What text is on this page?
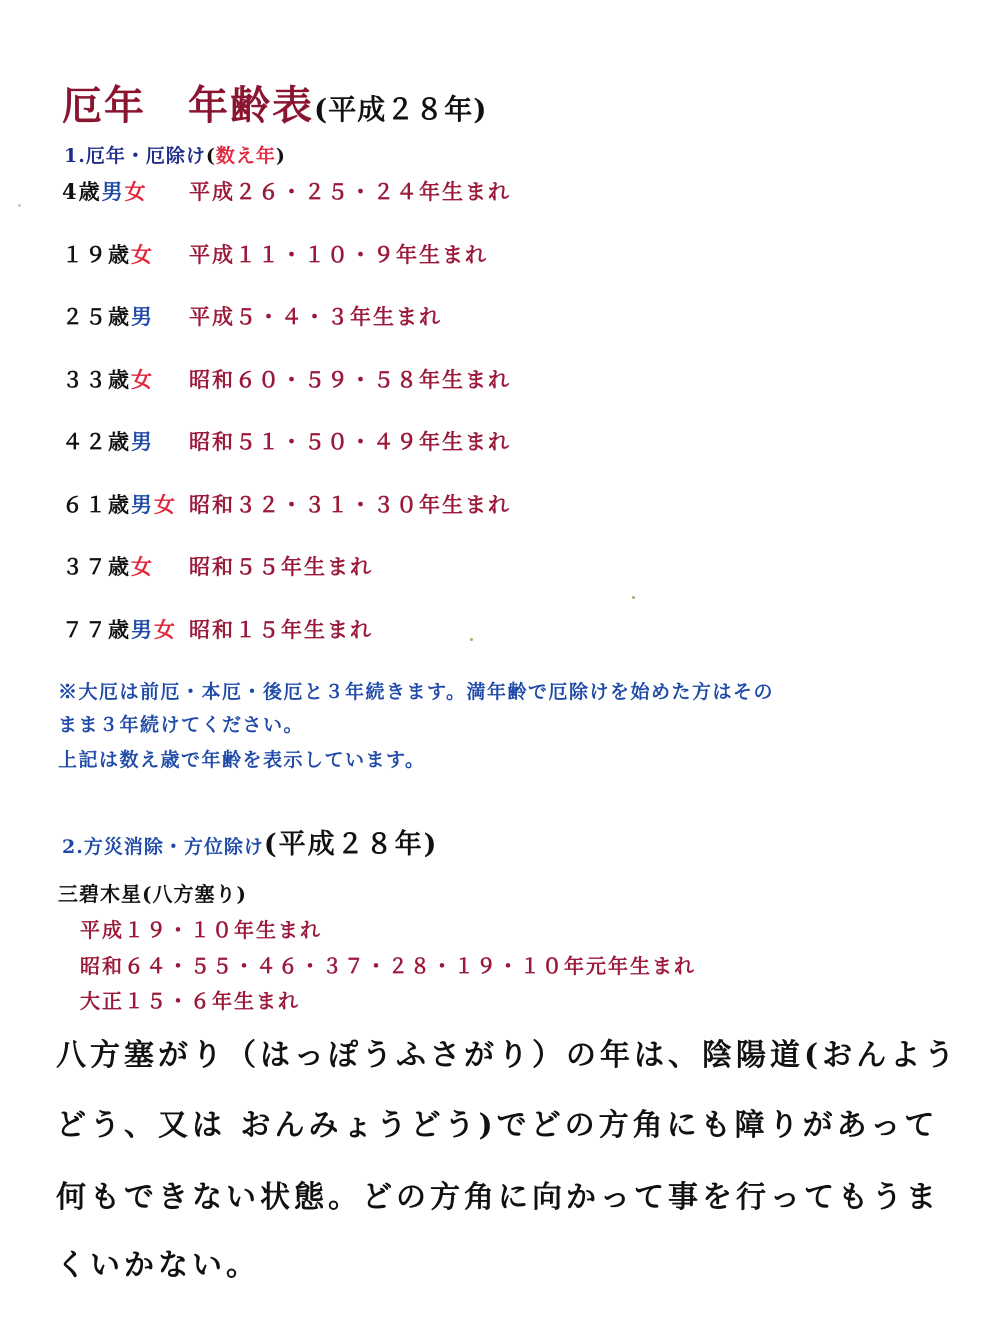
厄年　年齢表(平成２８年)
1.厄年・厄除け(数え年)
4歳男女 平成２６・２５・２４年生まれ
１９歳女 平成１１・１０・９年生まれ
２５歳男 平成５・４・３年生まれ
３３歳女 昭和６０・５９・５８年生まれ
４２歳男 昭和５１・５０・４９年生まれ
６１歳男女 昭和３２・３１・３０年生まれ
３７歳女 昭和５５年生まれ
７７歳男女 昭和１５年生まれ
※大厄は前厄・本厄・後厄と３年続きます。満年齢で厄除けを始めた方はその
まま３年続けてください。
上記は数え歳で年齢を表示しています。
2.方災消除・方位除け(平成２８年)
三碧木星(八方塞り)
平成１９・１０年生まれ
昭和６４・５５・４６・３７・２８・１９・１０年元年生まれ
大正１５・６年生まれ
八方塞がり（はっぽうふさがり）の年は、陰陽道(おんよう
どう、又は おんみょうどう)でどの方角にも障りがあって
何もできない状態。どの方角に向かって事を行ってもうま
くいかない。
